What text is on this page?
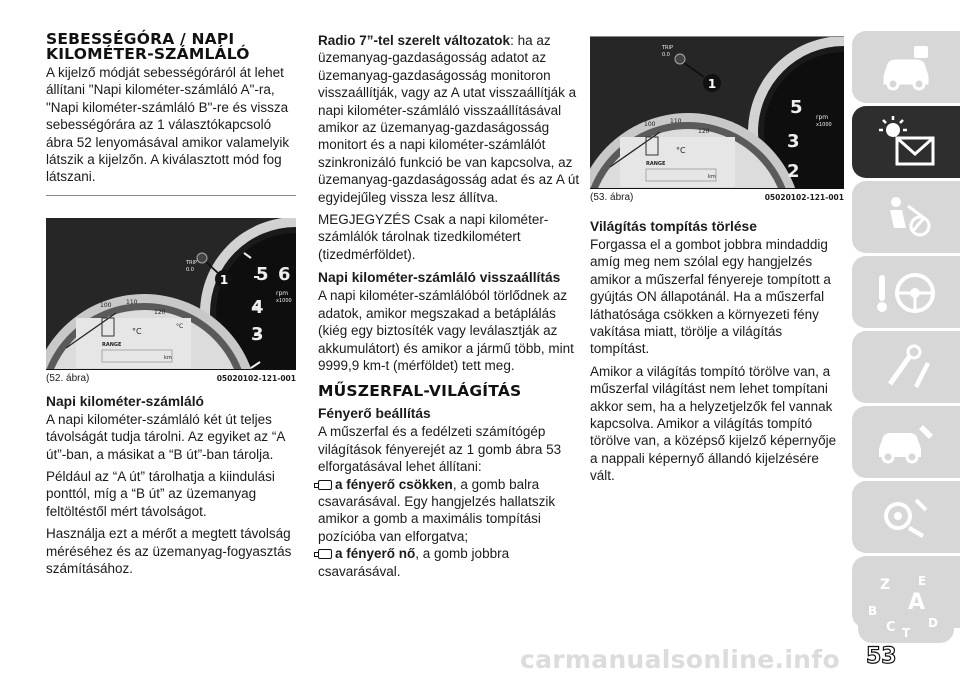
SEBESSÉGÓRA / NAPI
KILOMÉTER-SZÁMLÁLÓ

A kijelző módját sebességóráról át lehet állítani "Napi kilométer-számláló A"-ra, "Napi kilométer-számláló B"-re és vissza sebességórára az 1 választókapcsoló ábra 52 lenyomásával amikor valamelyik látszik a kijelzőn. A kiválasztott mód fog látszani.

5 6
4
3
rpm
x1000
TRIP
0.0
1
110
120
100
°C
°C
RANGE
km
(52. ábra)	05020102-121-001
Napi kilométer-számláló

A napi kilométer-számláló két út teljes távolságát tudja tárolni. Az egyiket az “A út”-ban, a másikat a “B út”-ban tárolja.

Például az “A út” tárolhatja a kiindulási ponttól, míg a “B út” az üzemanyag feltöltéstől mért távolságot.

Használja ezt a mérőt a megtett távolság méréséhez és az üzemanyag-fogyasztás számításához.

Radio 7”-tel szerelt változatok: ha az üzemanyag-gazdaságosság adatot az üzemanyag-gazdaságosság monitoron visszaállítják, vagy az A utat visszaállítják a napi kilométer-számláló visszaállításával amikor az üzemanyag-gazdaságosság monitort és a napi kilométer-számlálót szinkronizáló funkció be van kapcsolva, az üzemanyag-gazdaságosság adat és az A út egyidejűleg vissza lesz állítva.

MEGJEGYZÉS Csak a napi kilométer-számlálók tárolnak tizedkilométert (tizedmérföldet).

Napi kilométer-számláló visszaállítás

A napi kilométer-számlálóból törlődnek az adatok, amikor megszakad a betáplálás (kiég egy biztosíték vagy leválasztják az akkumulátort) és amikor a jármű több, mint 9999,9 km-t (mérföldet) tett meg.

MŰSZERFAL-VILÁGÍTÁS
Fényerő beállítás

A műszerfal és a fedélzeti számítógép világítások fényerejét az 1 gomb ábra 53 elforgatásával lehet állítani:

a fényerő csökken, a gomb balra csavarásával. Egy hangjelzés hallatszik amikor a gomb a maximális tompítási pozícióba van elforgatva;
a fényerő nő, a gomb jobbra csavarásával.
5
3
2
rpm
x1000
TRIP
0.0
1
110
120
100
°C
RANGE
km
(53. ábra)	05020102-121-001
Világítás tompítás törlése

Forgassa el a gombot jobbra mindaddig amíg meg nem szólal egy hangjelzés amikor a műszerfal fényereje tompított a gyújtás ON állapotánál. Ha a műszerfal láthatósága csökken a környezeti fény vakítása miatt, törölje a világítás tompítást.

Amikor a világítás tompító törölve van, a műszerfal világítást nem lehet tompítani akkor sem, ha a helyzetjelzők fel vannak kapcsolva. Amikor a világítás tompító törölve van, a középső kijelző képernyője a nappali képernyő állandó kijelzésére vált.

Z E
A
B
C T
D
carmanualsonline.info 53
